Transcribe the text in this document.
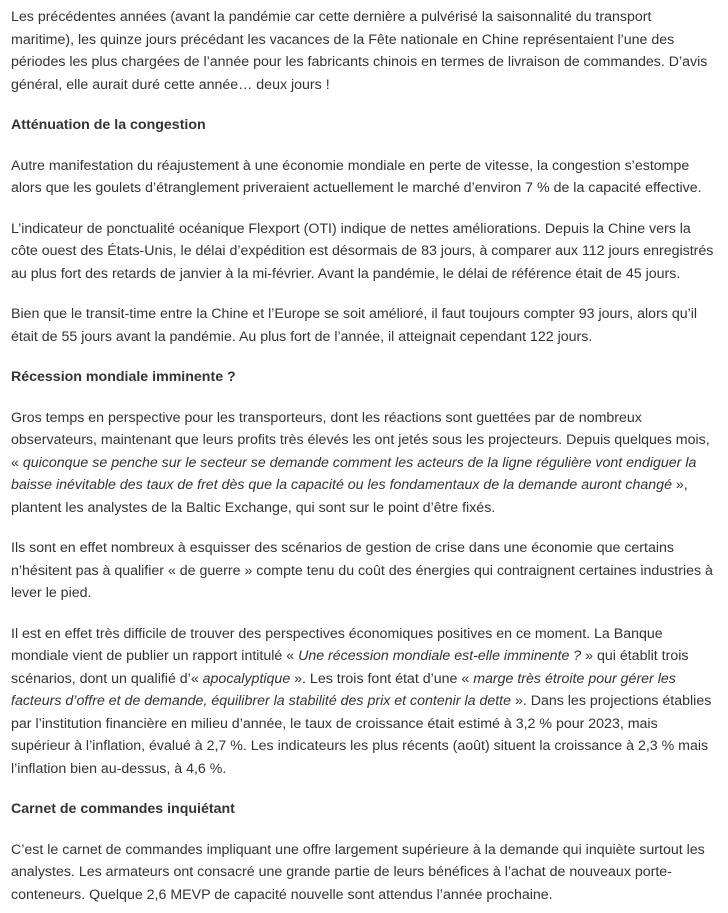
Les précédentes années (avant la pandémie car cette dernière a pulvérisé la saisonnalité du transport maritime), les quinze jours précédant les vacances de la Fête nationale en Chine représentaient l’une des périodes les plus chargées de l’année pour les fabricants chinois en termes de livraison de commandes. D’avis général, elle aurait duré cette année… deux jours !

Atténuation de la congestion

Autre manifestation du réajustement à une économie mondiale en perte de vitesse, la congestion s’estompe alors que les goulets d’étranglement priveraient actuellement le marché d’environ 7 % de la capacité effective.

L’indicateur de ponctualité océanique Flexport (OTI) indique de nettes améliorations. Depuis la Chine vers la côte ouest des États-Unis, le délai d’expédition est désormais de 83 jours, à comparer aux 112 jours enregistrés au plus fort des retards de janvier à la mi-février. Avant la pandémie, le délai de référence était de 45 jours.

Bien que le transit-time entre la Chine et l’Europe se soit amélioré, il faut toujours compter 93 jours, alors qu’il était de 55 jours avant la pandémie. Au plus fort de l’année, il atteignait cependant 122 jours.

Récession mondiale imminente ?

Gros temps en perspective pour les transporteurs, dont les réactions sont guettées par de nombreux observateurs, maintenant que leurs profits très élevés les ont jetés sous les projecteurs. Depuis quelques mois, « quiconque se penche sur le secteur se demande comment les acteurs de la ligne régulière vont endiguer la baisse inévitable des taux de fret dès que la capacité ou les fondamentaux de la demande auront changé », plantent les analystes de la Baltic Exchange, qui sont sur le point d’être fixés.

Ils sont en effet nombreux à esquisser des scénarios de gestion de crise dans une économie que certains n’hésitent pas à qualifier « de guerre » compte tenu du coût des énergies qui contraignent certaines industries à lever le pied.

Il est en effet très difficile de trouver des perspectives économiques positives en ce moment. La Banque mondiale vient de publier un rapport intitulé « Une récession mondiale est-elle imminente ? » qui établit trois scénarios, dont un qualifié d’« apocalyptique ». Les trois font état d’une « marge très étroite pour gérer les facteurs d’offre et de demande, équilibrer la stabilité des prix et contenir la dette ». Dans les projections établies par l’institution financière en milieu d’année, le taux de croissance était estimé à 3,2 % pour 2023, mais supérieur à l’inflation, évalué à 2,7 %. Les indicateurs les plus récents (août) situent la croissance à 2,3 % mais l’inflation bien au-dessus, à 4,6 %.

Carnet de commandes inquiétant

C’est le carnet de commandes impliquant une offre largement supérieure à la demande qui inquiète surtout les analystes. Les armateurs ont consacré une grande partie de leurs bénéfices à l’achat de nouveaux porte-conteneurs. Quelque 2,6 MEVP de capacité nouvelle sont attendus l’année prochaine.
